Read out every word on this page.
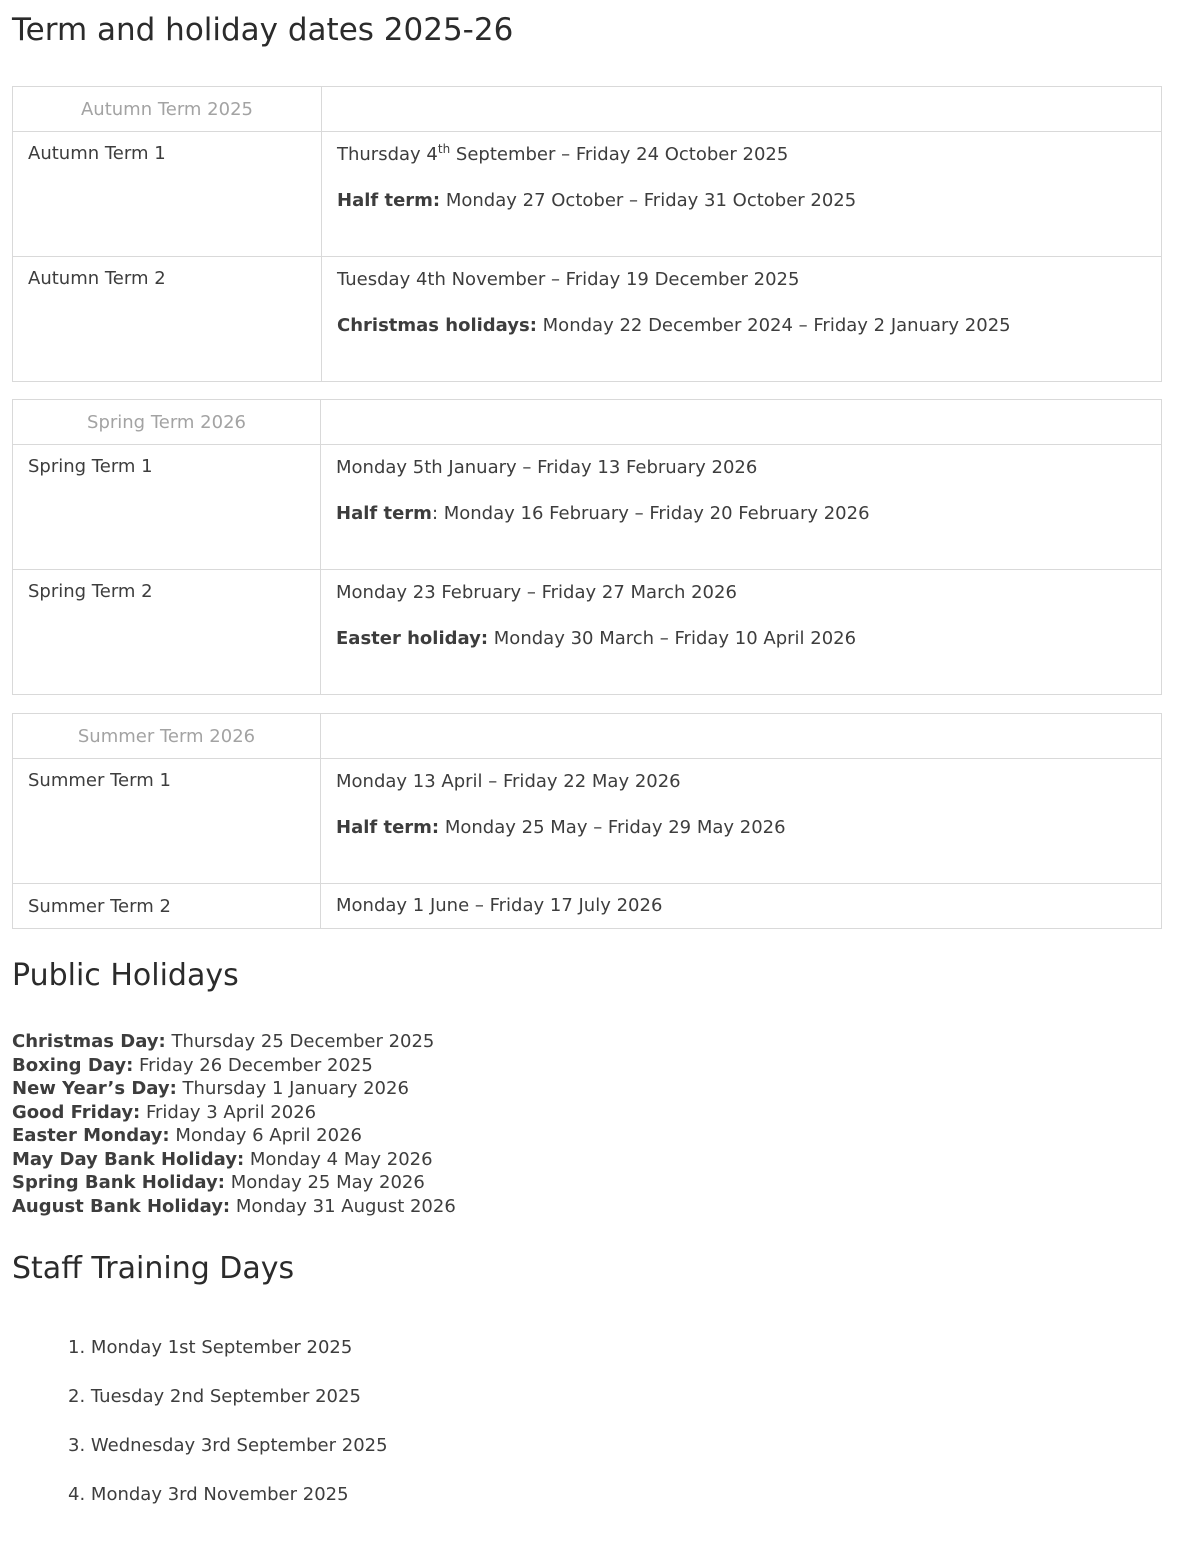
Term and holiday dates 2025-26
Autumn Term 2025	
Autumn Term 1	Thursday 4th September – Friday 24 October 2025

Half term: Monday 27 October – Friday 31 October 2025

Autumn Term 2	Tuesday 4th November – Friday 19 December 2025

Christmas holidays: Monday 22 December 2024 – Friday 2 January 2025

Spring Term 2026	
Spring Term 1	Monday 5th January – Friday 13 February 2026

Half term: Monday 16 February – Friday 20 February 2026

Spring Term 2	Monday 23 February – Friday 27 March 2026

Easter holiday: Monday 30 March – Friday 10 April 2026

Summer Term 2026	
Summer Term 1	Monday 13 April – Friday 22 May 2026

Half term: Monday 25 May – Friday 29 May 2026

Summer Term 2	Monday 1 June – Friday 17 July 2026

Public Holidays
Christmas Day: Thursday 25 December 2025
Boxing Day: Friday 26 December 2025
New Year’s Day: Thursday 1 January 2026
Good Friday: Friday 3 April 2026
Easter Monday: Monday 6 April 2026
May Day Bank Holiday: Monday 4 May 2026
Spring Bank Holiday: Monday 25 May 2026
August Bank Holiday: Monday 31 August 2026
Staff Training Days
1. Monday 1st September 2025
2. Tuesday 2nd September 2025
3. Wednesday 3rd September 2025
4. Monday 3rd November 2025
